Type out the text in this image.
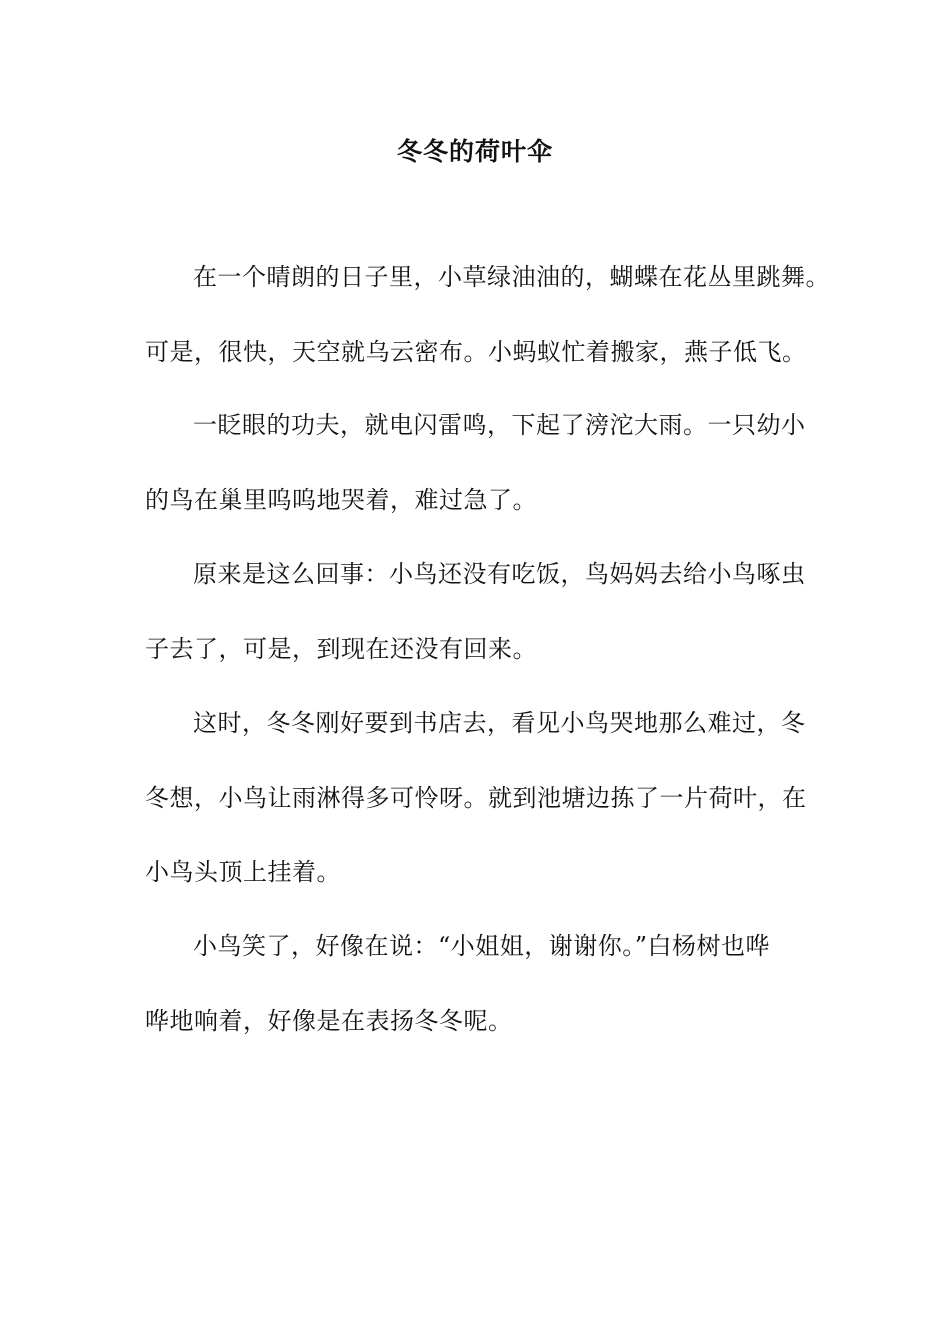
冬冬的荷叶伞
在一个晴朗的日子里，小草绿油油的，蝴蝶在花丛里跳舞。
可是，很快，天空就乌云密布。小蚂蚁忙着搬家，燕子低飞。
一眨眼的功夫，就电闪雷鸣，下起了滂沱大雨。一只幼小
的鸟在巢里呜呜地哭着，难过急了。
原来是这么回事：小鸟还没有吃饭，鸟妈妈去给小鸟啄虫
子去了，可是，到现在还没有回来。
这时，冬冬刚好要到书店去，看见小鸟哭地那么难过，冬
冬想，小鸟让雨淋得多可怜呀。就到池塘边拣了一片荷叶，在
小鸟头顶上挂着。
小鸟笑了，好像在说：“小姐姐，谢谢你。”白杨树也哗
哗地响着，好像是在表扬冬冬呢。
